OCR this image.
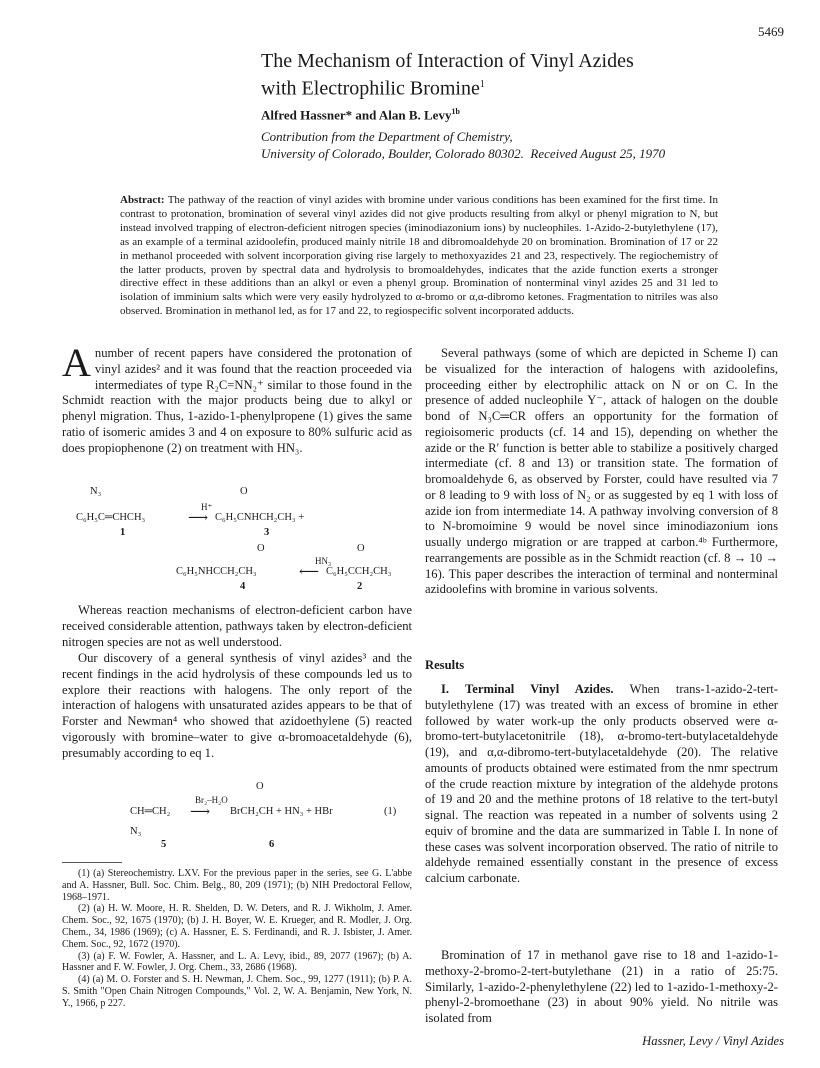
5469
The Mechanism of Interaction of Vinyl Azides
with Electrophilic Bromine$^1$
Alfred Hassner* and Alan B. Levy$^{1b}$
Contribution from the Department of Chemistry,
University of Colorado, Boulder, Colorado 80302. Received August 25, 1970
Abstract: The pathway of the reaction of vinyl azides with bromine under various conditions has been examined for the first time. In contrast to protonation, bromination of several vinyl azides did not give products resulting from alkyl or phenyl migration to N, but instead involved trapping of electron-deficient nitrogen species (iminodiazonium ions) by nucleophiles. 1-Azido-2-butylethylene (17), as an example of a terminal azidoolefin, produced mainly nitrile 18 and dibromoaldehyde 20 on bromination. Bromination of 17 or 22 in methanol proceeded with solvent incorporation giving rise largely to methoxyazides 21 and 23, respectively. The regiochemistry of the latter products, proven by spectral data and hydrolysis to bromoaldehydes, indicates that the azide function exerts a stronger directive effect in these additions than an alkyl or even a phenyl group. Bromination of nonterminal vinyl azides 25 and 31 led to isolation of imminium salts which were very easily hydrolyzed to α-bromo or α,α-dibromo ketones. Fragmentation to nitriles was also observed. Bromination in methanol led, as for 17 and 22, to regiospecific solvent incorporated adducts.
A number of recent papers have considered the protonation of vinyl azides² and it was found that the reaction proceeded via intermediates of type R₂C=NN₂⁺ similar to those found in the Schmidt reaction with the major products being due to alkyl or phenyl migration. Thus, 1-azido-1-phenylpropene (1) gives the same ratio of isomeric amides 3 and 4 on exposure to 80% sulfuric acid as does propiophenone (2) on treatment with HN₃.
N₃	O
H⁺
C₆H₅C═CHCH₃	⟶ C₆H₅CNHCH₂CH₃ +
1	3
O	O
HN₃
C₆H₅NHCCH₂CH₃	⟵ C₆H₅CCH₂CH₃
4	2

Whereas reaction mechanisms of electron-deficient carbon have received considerable attention, pathways taken by electron-deficient nitrogen species are not as well understood.

Our discovery of a general synthesis of vinyl azides³ and the recent findings in the acid hydrolysis of these compounds led us to explore their reactions with halogens. The only report of the interaction of halogens with unsaturated azides appears to be that of Forster and Newman⁴ who showed that azidoethylene (5) reacted vigorously with bromine–water to give α-bromoacetaldehyde (6), presumably according to eq 1.

O
Br₂–H₂O
CH═CH₂ ⟶ BrCH₂CH + HN₃ + HBr	(1)
N₃
5	6

(1) (a) Stereochemistry. LXV. For the previous paper in the series, see G. L'abbe and A. Hassner, Bull. Soc. Chim. Belg., 80, 209 (1971); (b) NIH Predoctoral Fellow, 1968–1971.

(2) (a) H. W. Moore, H. R. Shelden, D. W. Deters, and R. J. Wikholm, J. Amer. Chem. Soc., 92, 1675 (1970); (b) J. H. Boyer, W. E. Krueger, and R. Modler, J. Org. Chem., 34, 1986 (1969); (c) A. Hassner, E. S. Ferdinandi, and R. J. Isbister, J. Amer. Chem. Soc., 92, 1672 (1970).

(3) (a) F. W. Fowler, A. Hassner, and L. A. Levy, ibid., 89, 2077 (1967); (b) A. Hassner and F. W. Fowler, J. Org. Chem., 33, 2686 (1968).

(4) (a) M. O. Forster and S. H. Newman, J. Chem. Soc., 99, 1277 (1911); (b) P. A. S. Smith "Open Chain Nitrogen Compounds," Vol. 2, W. A. Benjamin, New York, N. Y., 1966, p 227.

Several pathways (some of which are depicted in Scheme I) can be visualized for the interaction of halogens with azidoolefins, proceeding either by electrophilic attack on N or on C. In the presence of added nucleophile Y⁻, attack of halogen on the double bond of N₃C═CR offers an opportunity for the formation of regioisomeric products (cf. 14 and 15), depending on whether the azide or the R′ function is better able to stabilize a positively charged intermediate (cf. 8 and 13) or transition state. The formation of bromoaldehyde 6, as observed by Forster, could have resulted via 7 or 8 leading to 9 with loss of N₂ or as suggested by eq 1 with loss of azide ion from intermediate 14. A pathway involving conversion of 8 to N-bromoimine 9 would be novel since iminodiazonium ions usually undergo migration or are trapped at carbon.⁴ᵇ Furthermore, rearrangements are possible as in the Schmidt reaction (cf. 8 → 10 → 16). This paper describes the interaction of terminal and nonterminal azidoolefins with bromine in various solvents.

Results

I. Terminal Vinyl Azides. When trans-1-azido-2-tert-butylethylene (17) was treated with an excess of bromine in ether followed by water work-up the only products observed were α-bromo-tert-butylacetonitrile (18), α-bromo-tert-butylacetaldehyde (19), and α,α-dibromo-tert-butylacetaldehyde (20). The relative amounts of products obtained were estimated from the nmr spectrum of the crude reaction mixture by integration of the aldehyde protons of 19 and 20 and the methine protons of 18 relative to the tert-butyl signal. The reaction was repeated in a number of solvents using 2 equiv of bromine and the data are summarized in Table I. In none of these cases was solvent incorporation observed. The ratio of nitrile to aldehyde remained essentially constant in the presence of excess calcium carbonate.

Bromination of 17 in methanol gave rise to 18 and 1-azido-1-methoxy-2-bromo-2-tert-butylethane (21) in a ratio of 25:75. Similarly, 1-azido-2-phenylethylene (22) led to 1-azido-1-methoxy-2-phenyl-2-bromoethane (23) in about 90% yield. No nitrile was isolated from

Hassner, Levy / Vinyl Azides
